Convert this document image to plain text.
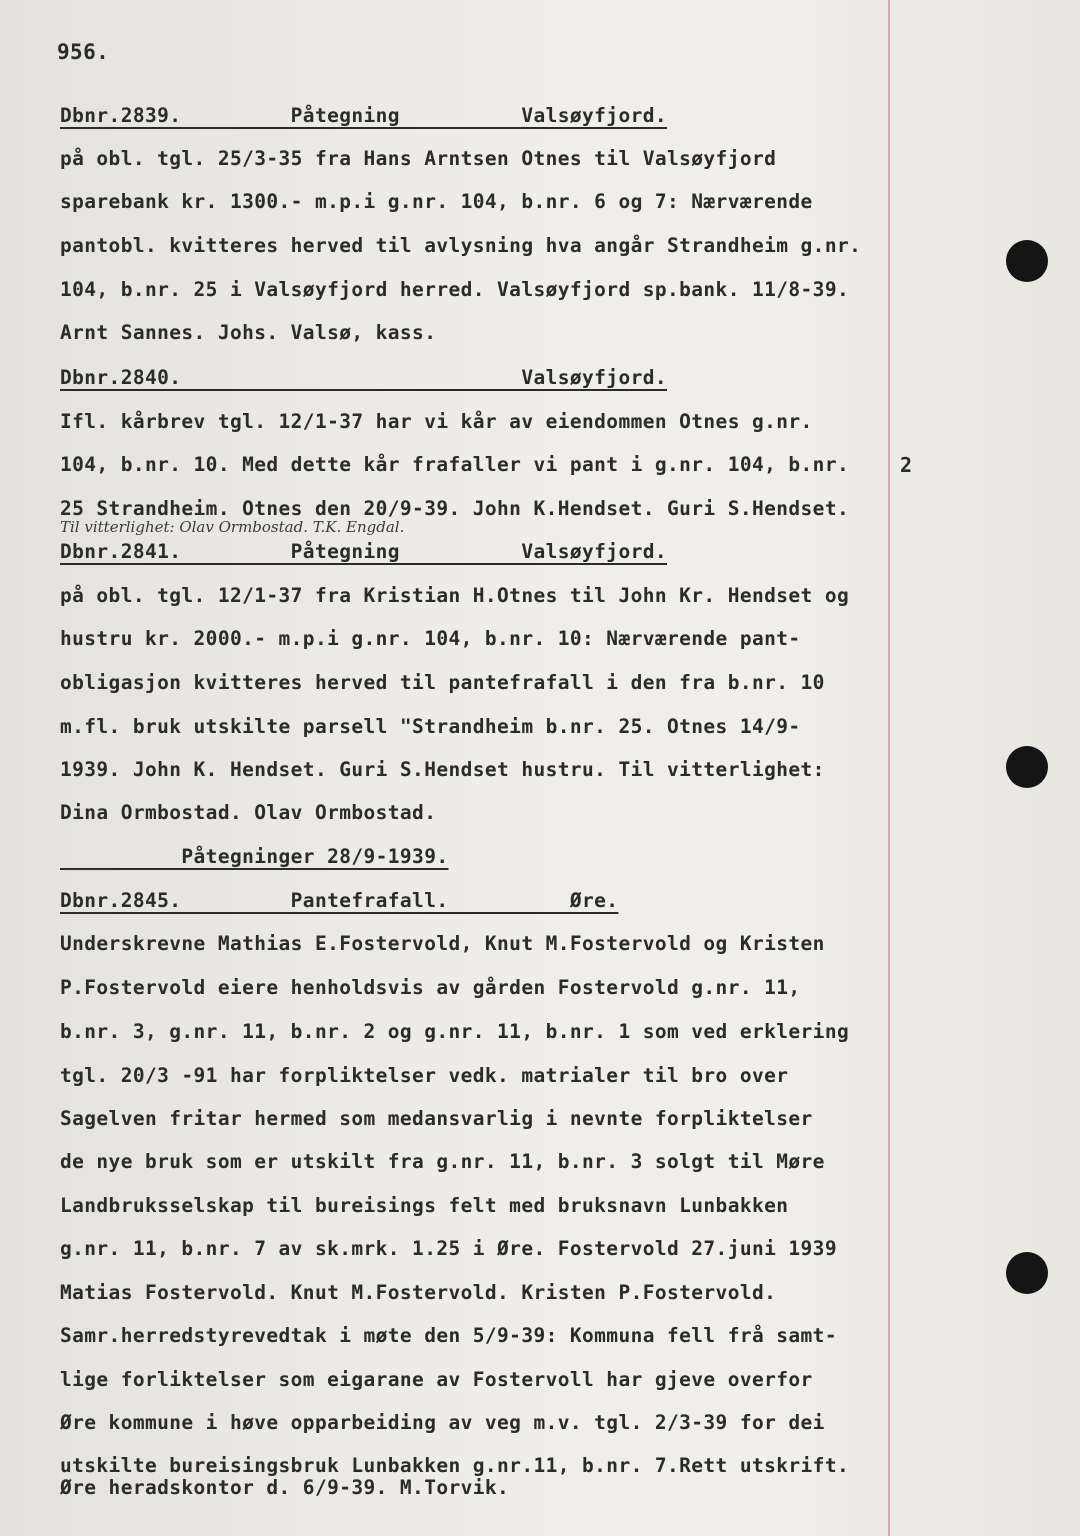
956.
Dbnr.2839.         Påtegning          Valsøyfjord.
på obl. tgl. 25/3-35 fra Hans Arntsen Otnes til Valsøyfjord
sparebank kr. 1300.- m.p.i g.nr. 104, b.nr. 6 og 7: Nærværende
pantobl. kvitteres herved til avlysning hva angår Strandheim g.nr.
104, b.nr. 25 i Valsøyfjord herred. Valsøyfjord sp.bank. 11/8-39.
Arnt Sannes. Johs. Valsø, kass.
Dbnr.2840.                            Valsøyfjord.
Ifl. kårbrev tgl. 12/1-37 har vi kår av eiendommen Otnes g.nr.
104, b.nr. 10. Med dette kår frafaller vi pant i g.nr. 104, b.nr.	2
25 Strandheim. Otnes den 20/9-39. John K.Hendset. Guri S.Hendset.
Til vitterlighet: Olav Ormbostad. T.K. Engdal.
Dbnr.2841.         Påtegning          Valsøyfjord.
på obl. tgl. 12/1-37 fra Kristian H.Otnes til John Kr. Hendset og
hustru kr. 2000.- m.p.i g.nr. 104, b.nr. 10: Nærværende pant-
obligasjon kvitteres herved til pantefrafall i den fra b.nr. 10
m.fl. bruk utskilte parsell "Strandheim b.nr. 25. Otnes 14/9-
1939. John K. Hendset. Guri S.Hendset hustru. Til vitterlighet:
Dina Ormbostad. Olav Ormbostad.
Påtegninger 28/9-1939.
Dbnr.2845.         Pantefrafall.          Øre.
Underskrevne Mathias E.Fostervold, Knut M.Fostervold og Kristen
P.Fostervold eiere henholdsvis av gården Fostervold g.nr. 11,
b.nr. 3, g.nr. 11, b.nr. 2 og g.nr. 11, b.nr. 1 som ved erklering
tgl. 20/3 -91 har forpliktelser vedk. matrialer til bro over
Sagelven fritar hermed som medansvarlig i nevnte forpliktelser
de nye bruk som er utskilt fra g.nr. 11, b.nr. 3 solgt til Møre
Landbruksselskap til bureisings felt med bruksnavn Lunbakken
g.nr. 11, b.nr. 7 av sk.mrk. 1.25 i Øre. Fostervold 27.juni 1939
Matias Fostervold. Knut M.Fostervold. Kristen P.Fostervold.
Samr.herredstyrevedtak i møte den 5/9-39: Kommuna fell frå samt-
lige forliktelser som eigarane av Fostervoll har gjeve overfor
Øre kommune i høve opparbeiding av veg m.v. tgl. 2/3-39 for dei
utskilte bureisingsbruk Lunbakken g.nr.11, b.nr. 7.Rett utskrift.
Øre heradskontor d. 6/9-39. M.Torvik.
